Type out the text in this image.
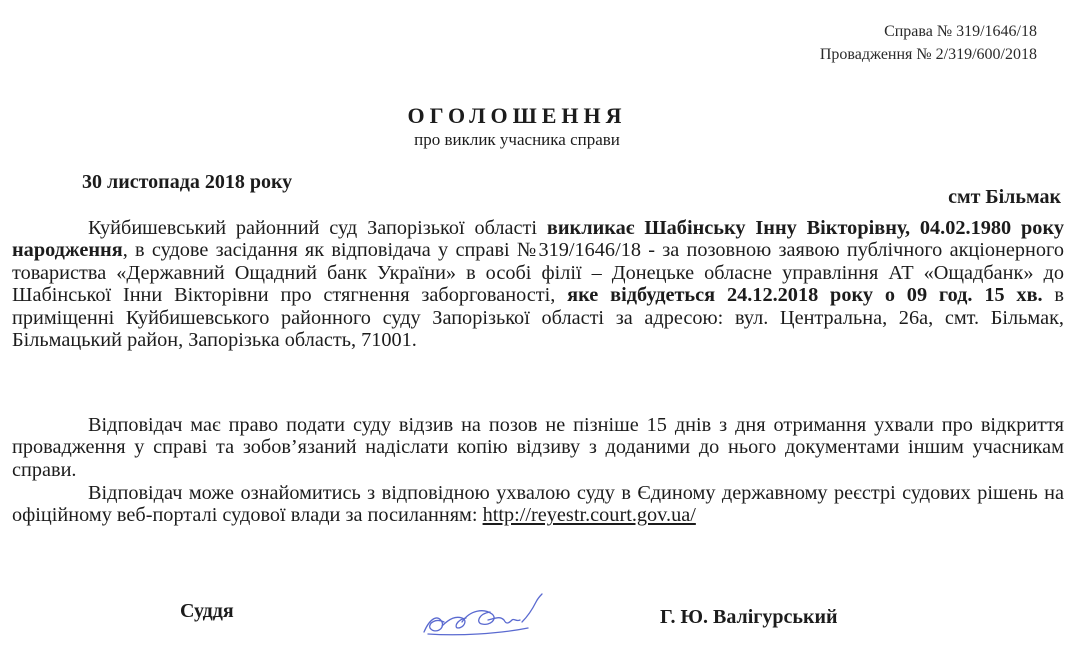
Справа № 319/1646/18
Провадження № 2/319/600/2018
ОГОЛОШЕННЯ
про виклик учасника справи
30 листопада 2018 року
смт Більмак

Куйбишевський районний суд Запорізької області викликає Шабінську Інну Вікторівну, 04.02.1980 року народження, в судове засідання як відповідача у справі №319/1646/18 - за позовною заявою публічного акціонерного товариства «Державний Ощадний банк України» в особі філії – Донецьке обласне управління АТ «Ощадбанк» до Шабінської Інни Вікторівни про стягнення заборгованості, яке відбудеться 24.12.2018 року о 09 год. 15 хв. в приміщенні Куйбишевського районного суду Запорізької області за адресою: вул. Центральна, 26а, смт. Більмак, Більмацький район, Запорізька область, 71001.

Відповідач має право подати суду відзив на позов не пізніше 15 днів з дня отримання ухвали про відкриття провадження у справі та зобов’язаний надіслати копію відзиву з доданими до нього документами іншим учасникам справи.

Відповідач може ознайомитись з відповідною ухвалою суду в Єдиному державному реєстрі судових рішень на офіційному веб-порталі судової влади за посиланням: http://reyestr.court.gov.ua/

Суддя	Г. Ю. Валігурський
